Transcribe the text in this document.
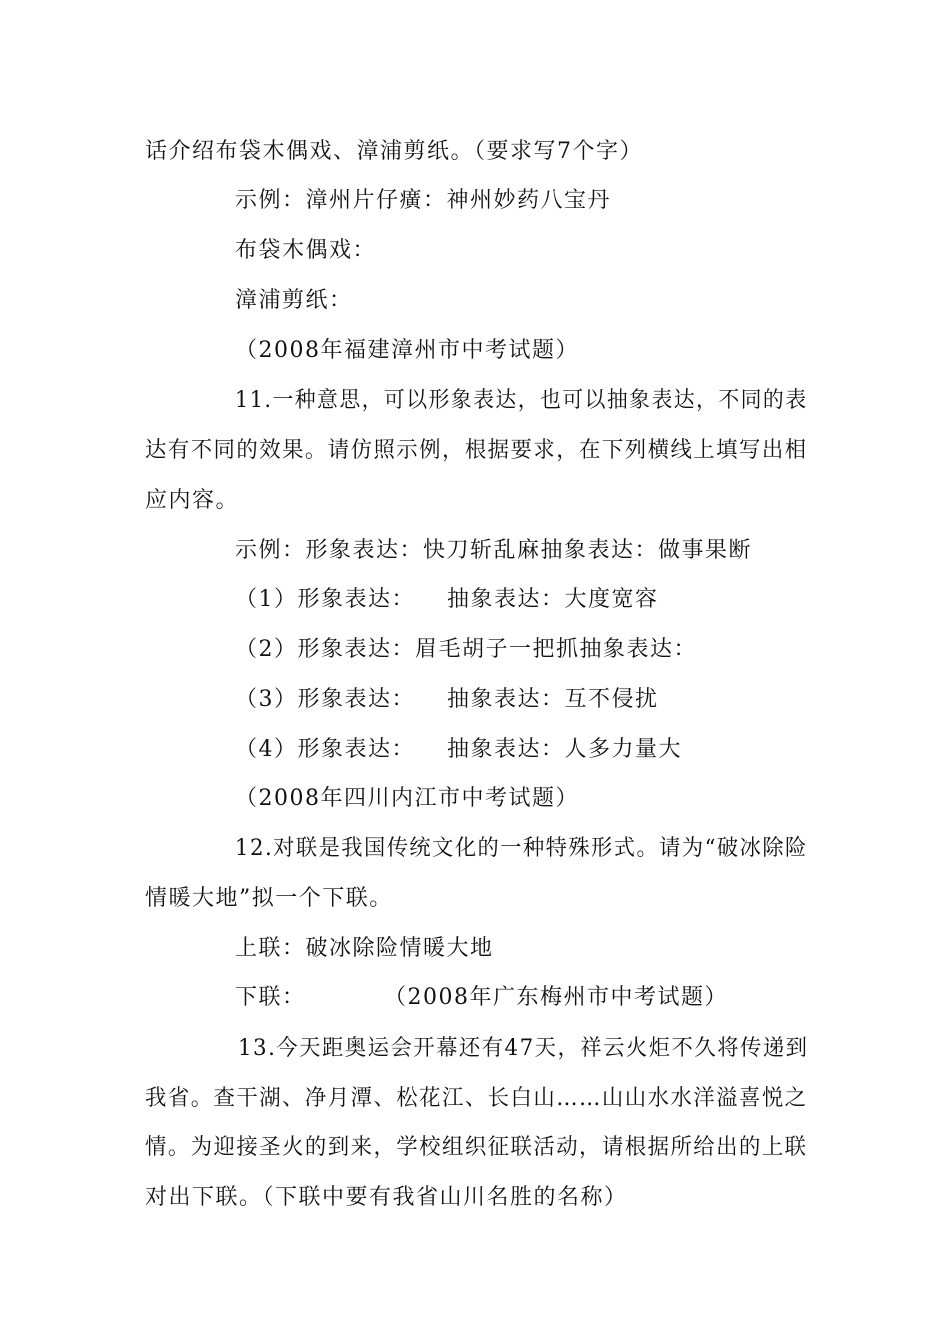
话介绍布袋木偶戏、漳浦剪纸。（要求写7个字）
示例：漳州片仔癀：神州妙药八宝丹
布袋木偶戏：
漳浦剪纸：
（2008年福建漳州市中考试题）
11.一种意思，可以形象表达，也可以抽象表达，不同的表
达有不同的效果。请仿照示例，根据要求，在下列横线上填写出相
应内容。
示例：形象表达：快刀斩乱麻抽象表达：做事果断
（1）形象表达： 抽象表达：大度宽容
（2）形象表达：眉毛胡子一把抓抽象表达：
（3）形象表达： 抽象表达：互不侵扰
（4）形象表达： 抽象表达：人多力量大
（2008年四川内江市中考试题）
12.对联是我国传统文化的一种特殊形式。请为“破冰除险
情暖大地”拟一个下联。
上联：破冰除险情暖大地
下联：	（2008年广东梅州市中考试题）
13.今天距奥运会开幕还有47天，祥云火炬不久将传递到
我省。查干湖、净月潭、松花江、长白山……山山水水洋溢喜悦之
情。为迎接圣火的到来，学校组织征联活动，请根据所给出的上联
对出下联。（下联中要有我省山川名胜的名称）
